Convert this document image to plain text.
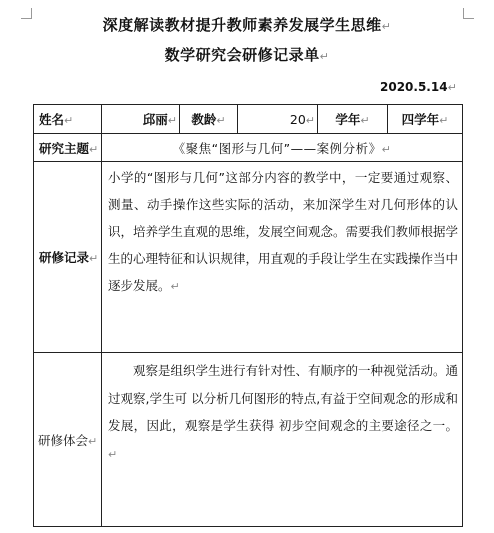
深度解读教材提升教师素养发展学生思维↵
数学研究会研修记录单↵
2020.5.14↵
姓名↵	邱丽↵	教龄↵	20↵	学年↵	四学年↵
研究主题↵	《聚焦“图形与几何”——案例分析》↵				
研修记录↵	小学的“图形与几何”这部分内容的教学中，一定要通过观察、测量、动手操作这些实际的活动，来加深学生对几何形体的认识，培养学生直观的思维，发展空间观念。需要我们教师根据学生的心理特征和认识规律，用直观的手段让学生在实践操作当中逐步发展。↵				
研修体会↵	观察是组织学生进行有针对性、有顺序的一种视觉活动。通过观察,学生可 以分析几何图形的特点,有益于空间观念的形成和发展，因此，观察是学生获得 初步空间观念的主要途径之一。↵				
